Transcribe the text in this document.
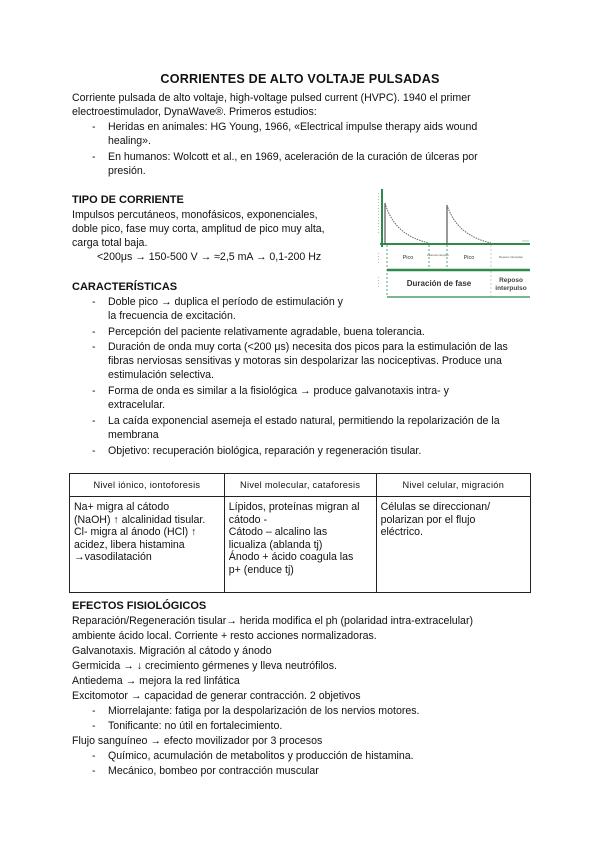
CORRIENTES DE ALTO VOLTAJE PULSADAS
Corriente pulsada de alto voltaje, high-voltage pulsed current (HVPC). 1940 el primer
electroestimulador, DynaWave®. Primeros estudios:
- Heridas en animales: HG Young, 1966, «Electrical impulse therapy aids wound
healing».
- En humanos: Wolcott et al., en 1969, aceleración de la curación de úlceras por
presión.
TIPO DE CORRIENTE
Impulsos percutáneos, monofásicos, exponenciales,
doble pico, fase muy corta, amplitud de pico muy alta,
carga total baja.
<200μs → 150-500 V → ≈2,5 mA → 0,1-200 Hz	Pico	Latencia interpico	Pico	Reposo interpulso
Duración de fase	Reposo
interpulso
CARACTERÍSTICAS
- Doble pico → duplica el período de estimulación y
la frecuencia de excitación.
- Percepción del paciente relativamente agradable, buena tolerancia.
- Duración de onda muy corta (<200 μs) necesita dos picos para la estimulación de las
fibras nerviosas sensitivas y motoras sin despolarizar las nociceptivas. Produce una
estimulación selectiva.
- Forma de onda es similar a la fisiológica → produce galvanotaxis intra- y
extracelular.
- La caída exponencial asemeja el estado natural, permitiendo la repolarización de la
membrana
- Objetivo: recuperación biológica, reparación y regeneración tisular.
Nivel iónico, iontoforesis	Nivel molecular, cataforesis	Nivel celular, migración

Na+ migra al cátodo
(NaOH) ↑ alcalinidad tisular.
Cl- migra al ánodo (HCl) ↑
acidez, libera histamina
→vasodilatación

Lípidos, proteínas migran al
cátodo -
Cátodo – alcalino las
licualiza (ablanda tj)
Ánodo + ácido coagula las
p+ (enduce tj)

Células se direccionan/
polarizan por el flujo
eléctrico.
EFECTOS FISIOLÓGICOS
Reparación/Regeneración tisular→ herida modifica el ph (polaridad intra-extracelular)
ambiente ácido local. Corriente + resto acciones normalizadoras.
Galvanotaxis. Migración al cátodo y ánodo
Germicida → ↓ crecimiento gérmenes y lleva neutrófilos.
Antiedema → mejora la red linfática
Excitomotor → capacidad de generar contracción. 2 objetivos
- Miorrelajante: fatiga por la despolarización de los nervios motores.
- Tonificante: no útil en fortalecimiento.
Flujo sanguíneo → efecto movilizador por 3 procesos
- Químico, acumulación de metabolitos y producción de histamina.
- Mecánico, bombeo por contracción muscular
